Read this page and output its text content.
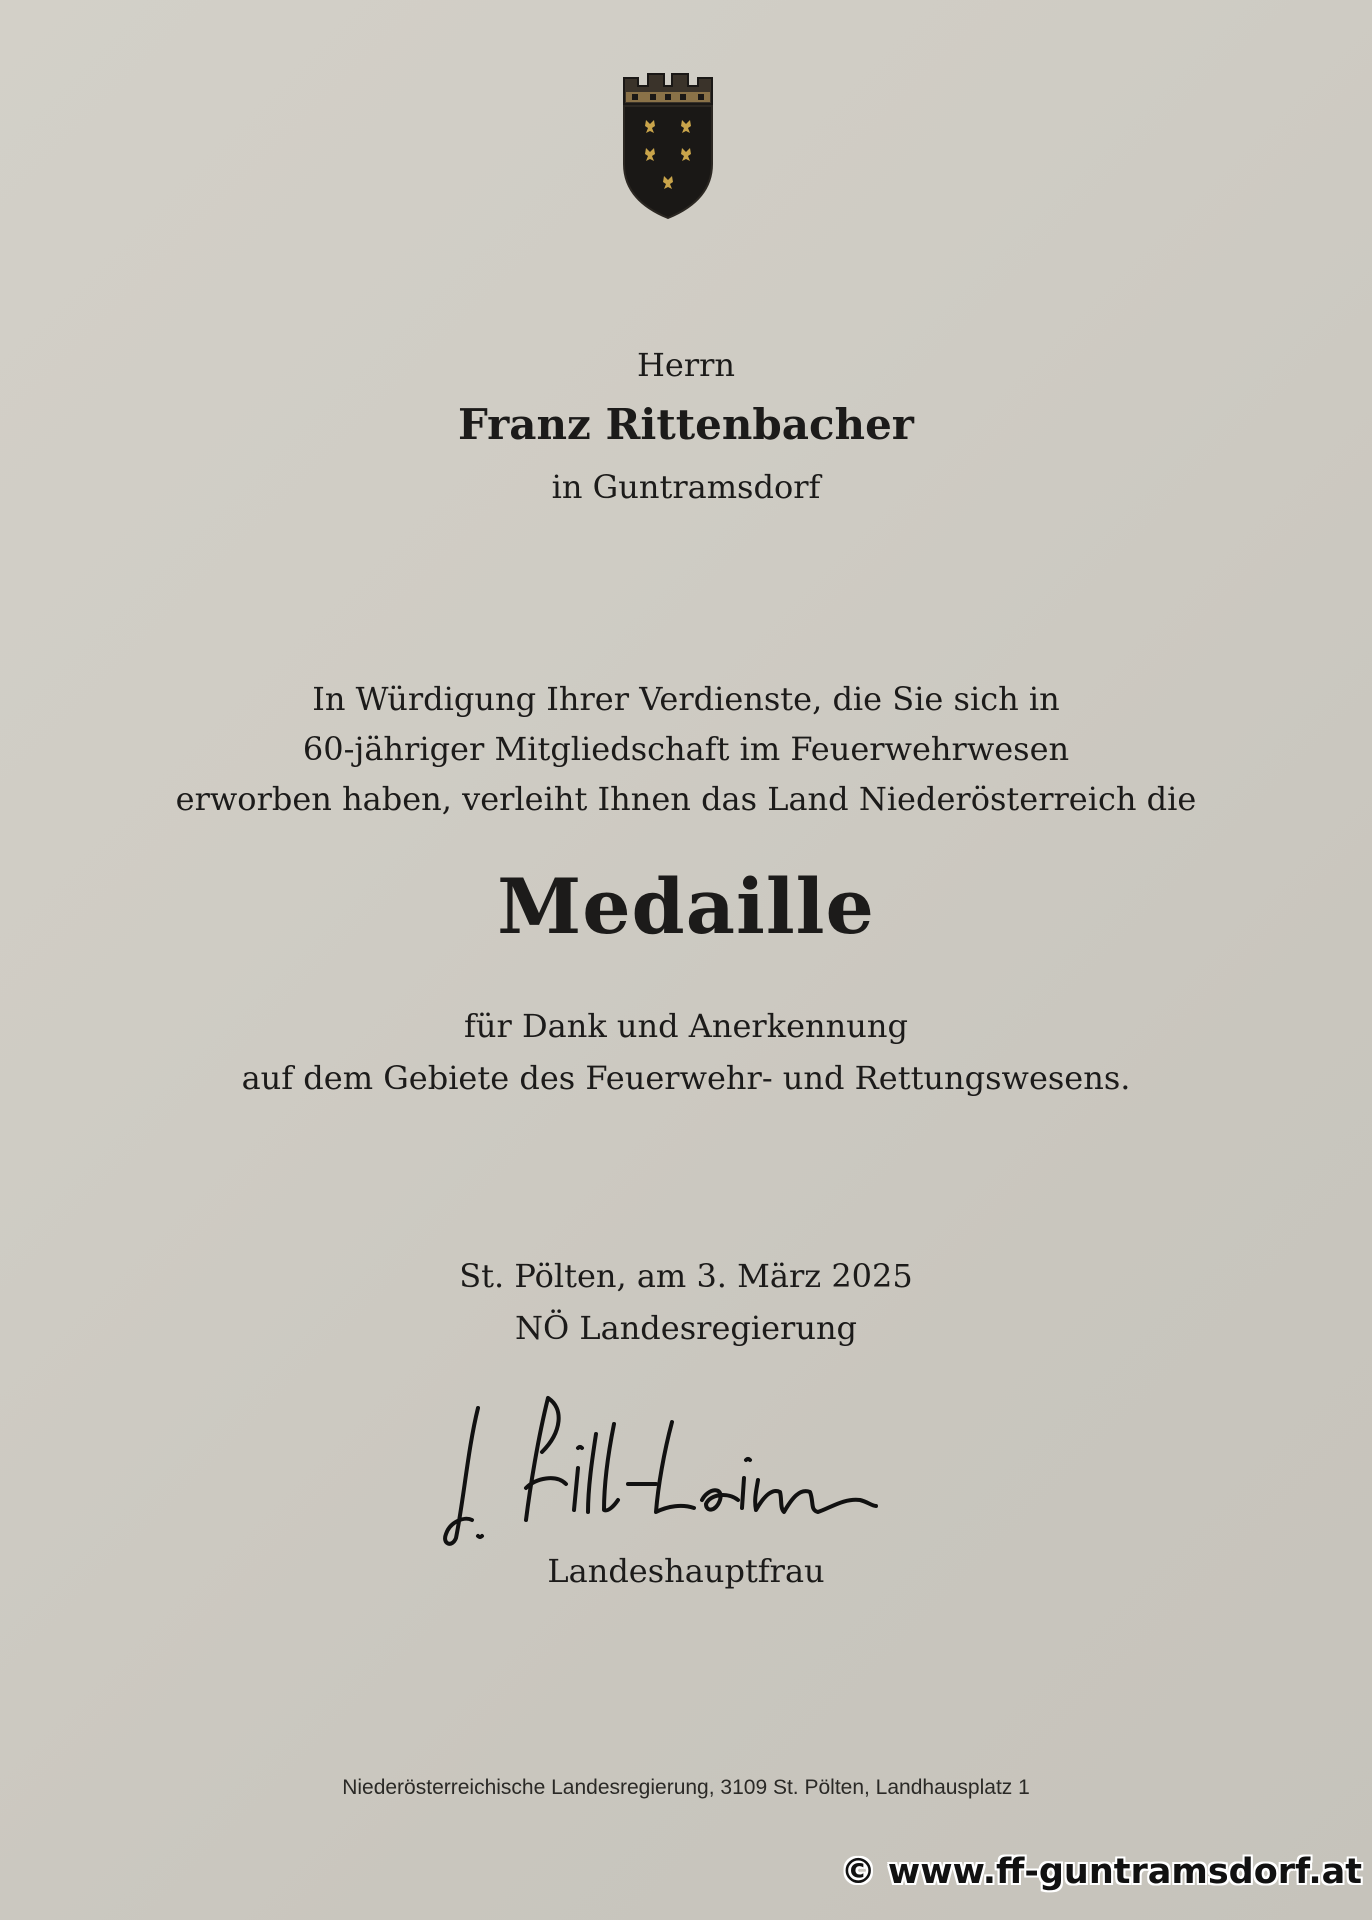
Herrn
Franz Rittenbacher
in Guntramsdorf
In Würdigung Ihrer Verdienste, die Sie sich in
60-jähriger Mitgliedschaft im Feuerwehrwesen
erworben haben, verleiht Ihnen das Land Niederösterreich die
Medaille
für Dank und Anerkennung
auf dem Gebiete des Feuerwehr- und Rettungswesens.
St. Pölten, am 3. März 2025
NÖ Landesregierung
Landeshauptfrau
Niederösterreichische Landesregierung, 3109 St. Pölten, Landhausplatz 1
© www.ff-guntramsdorf.at
